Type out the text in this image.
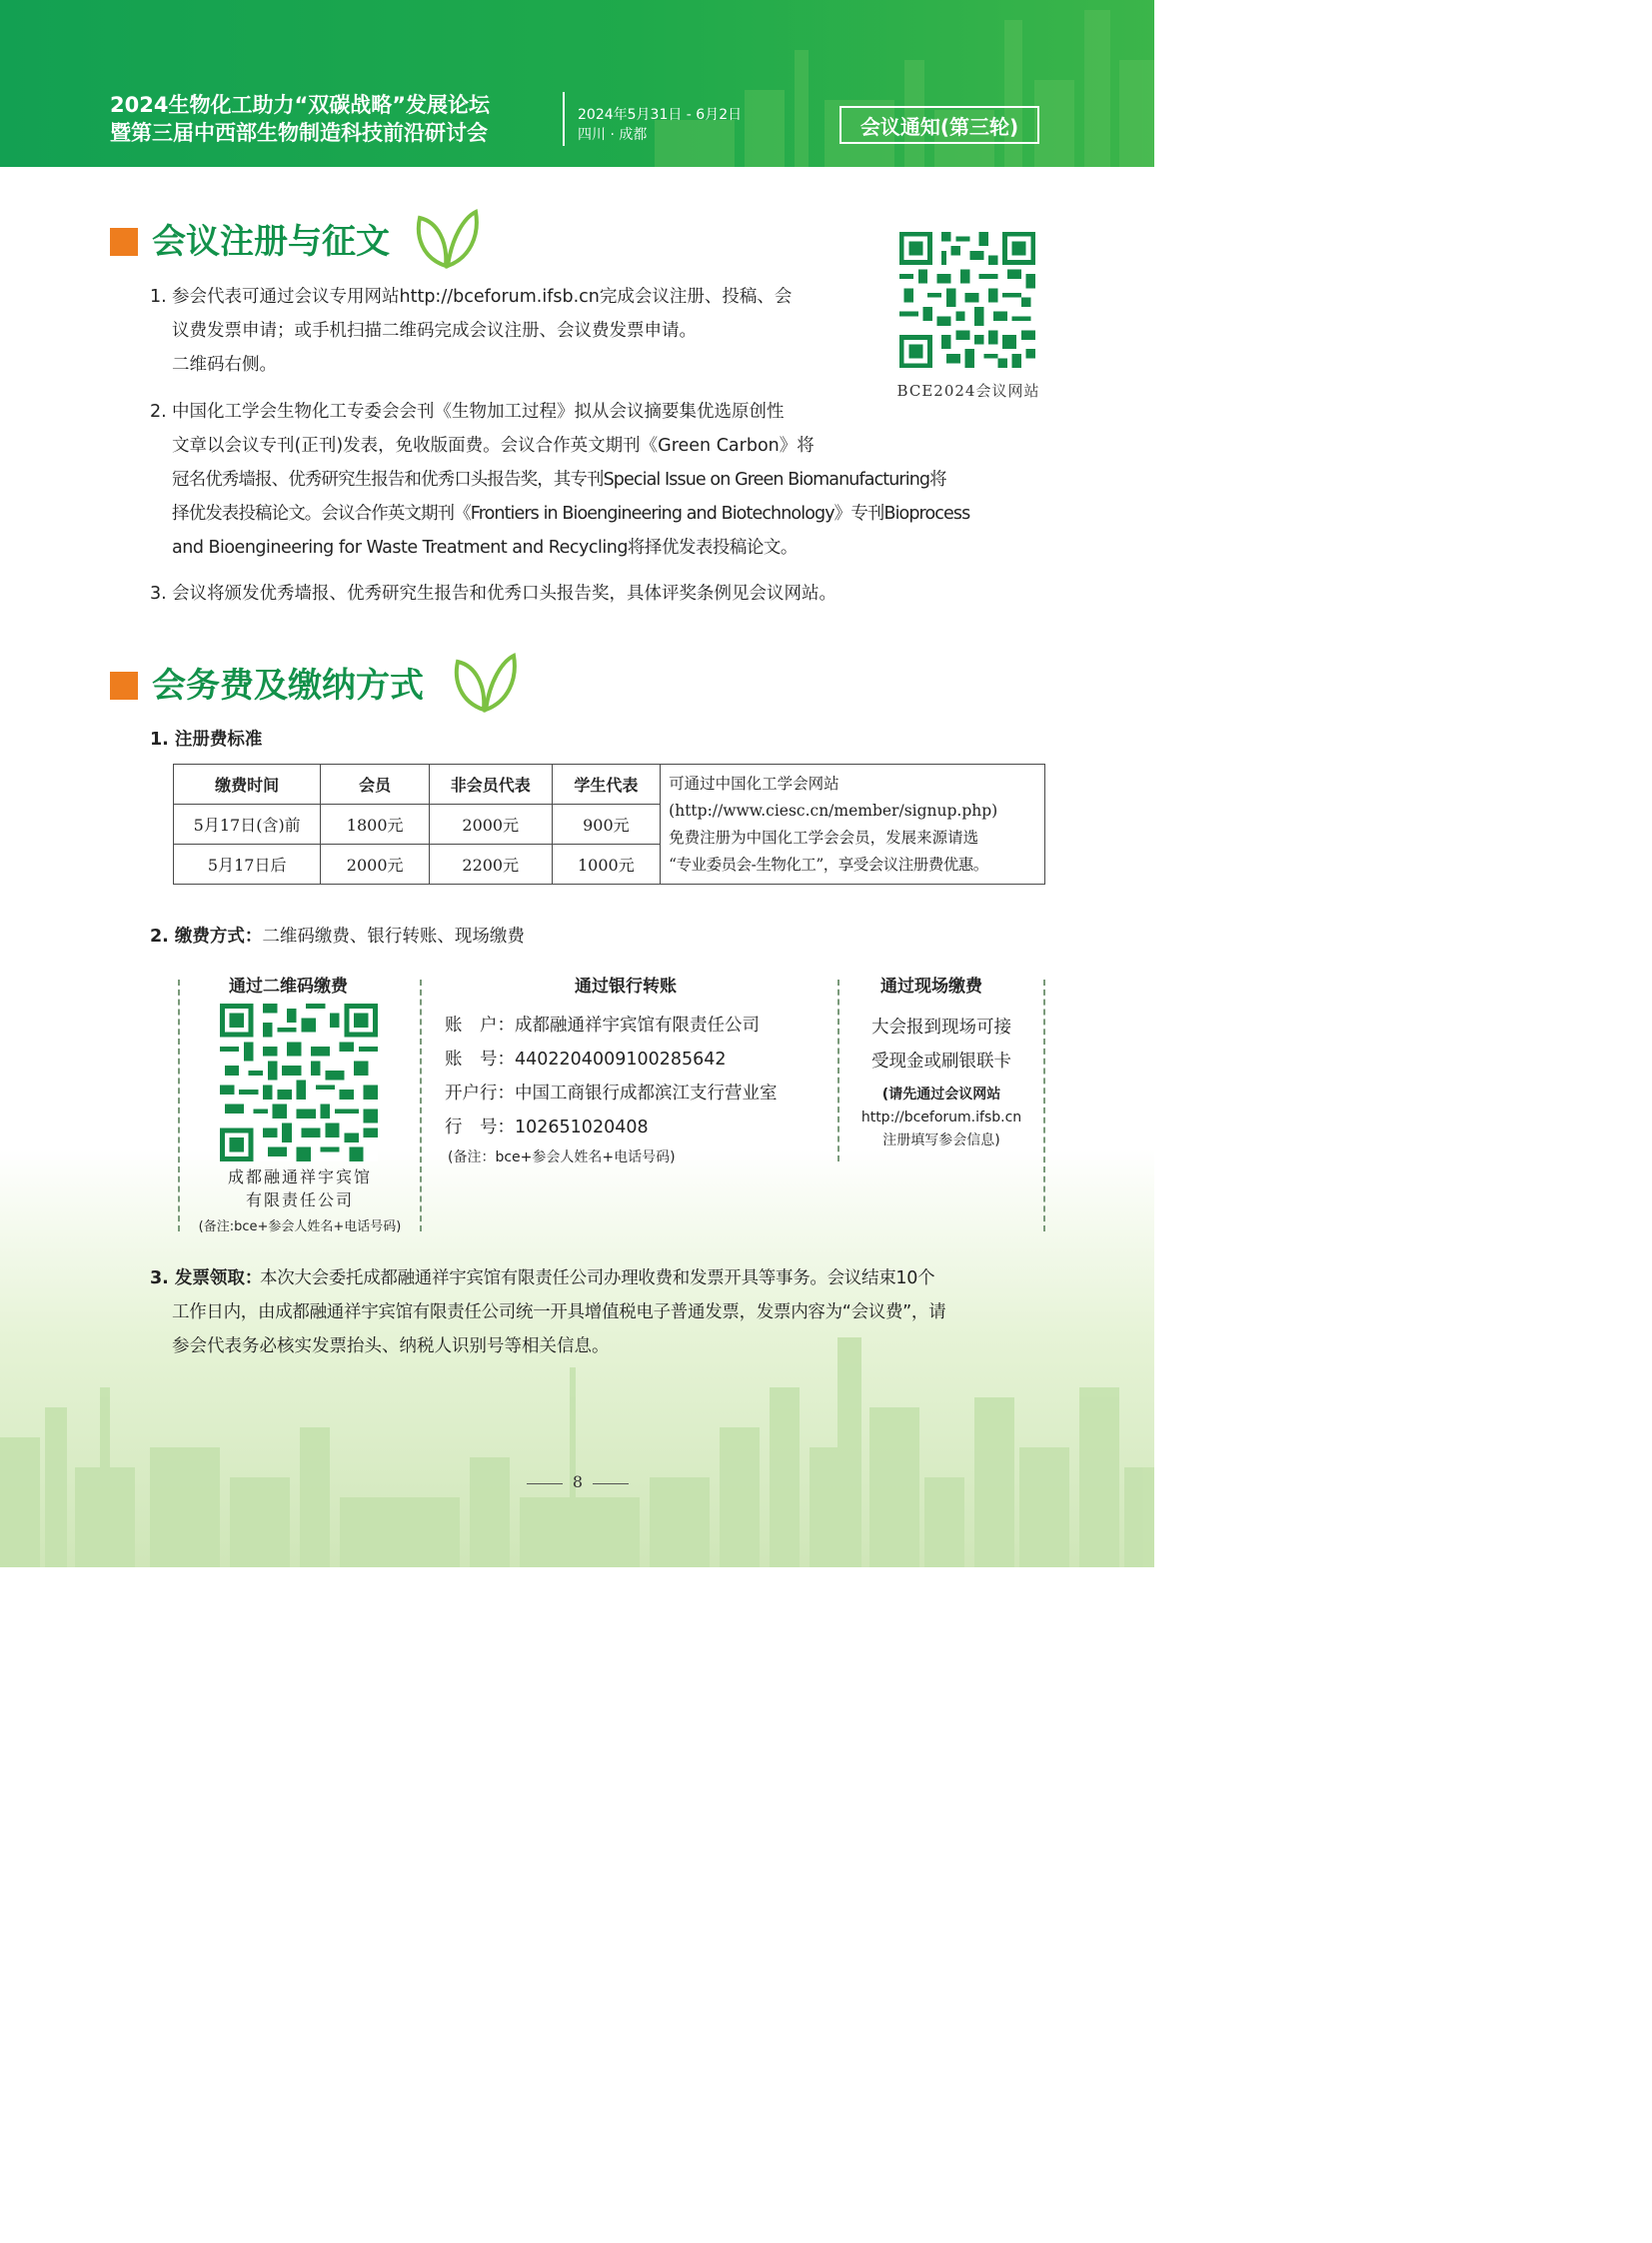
2024生物化工助力“双碳战略”发展论坛
暨第三届中西部生物制造科技前沿研讨会
2024年5月31日 - 6月2日
四川 · 成都	会议通知(第三轮)
会议注册与征文
BCE2024会议网站
1. 参会代表可通过会议专用网站http://bceforum.ifsb.cn完成会议注册、投稿、会
议费发票申请；或手机扫描二维码完成会议注册、会议费发票申请。
二维码右侧。
2. 中国化工学会生物化工专委会会刊《生物加工过程》拟从会议摘要集优选原创性
文章以会议专刊(正刊)发表，免收版面费。会议合作英文期刊《Green Carbon》将
冠名优秀墙报、优秀研究生报告和优秀口头报告奖，其专刊Special Issue on Green Biomanufacturing将
择优发表投稿论文。会议合作英文期刊《Frontiers in Bioengineering and Biotechnology》专刊Bioprocess
and Bioengineering for Waste Treatment and Recycling将择优发表投稿论文。
3. 会议将颁发优秀墙报、优秀研究生报告和优秀口头报告奖，具体评奖条例见会议网站。
会务费及缴纳方式
1. 注册费标准
缴费时间	会员	非会员代表	学生代表	可通过中国化工学会网站
(http://www.ciesc.cn/member/signup.php)
免费注册为中国化工学会会员，发展来源请选
“专业委员会-生物化工”，享受会议注册费优惠。

5月17日(含)前	1800元	2000元	900元	
5月17日后	2000元	2200元	1000元	
2. 缴费方式：二维码缴费、银行转账、现场缴费
通过二维码缴费
成都融通祥宇宾馆
有限责任公司
(备注:bce+参会人姓名+电话号码)
通过银行转账
账　户：成都融通祥宇宾馆有限责任公司
账　号：4402204009100285642
开户行：中国工商银行成都滨江支行营业室
行　号：102651020408
(备注：bce+参会人姓名+电话号码)
通过现场缴费
大会报到现场可接
受现金或刷银联卡
(请先通过会议网站
http://bceforum.ifsb.cn
注册填写参会信息)
3. 发票领取：
本次大会委托成都融通祥宇宾馆有限责任公司办理收费和发票开具等事务。会议结束10个
工作日内，由成都融通祥宇宾馆有限责任公司统一开具增值税电子普通发票，发票内容为“会议费”，请
参会代表务必核实发票抬头、纳税人识别号等相关信息。
8
